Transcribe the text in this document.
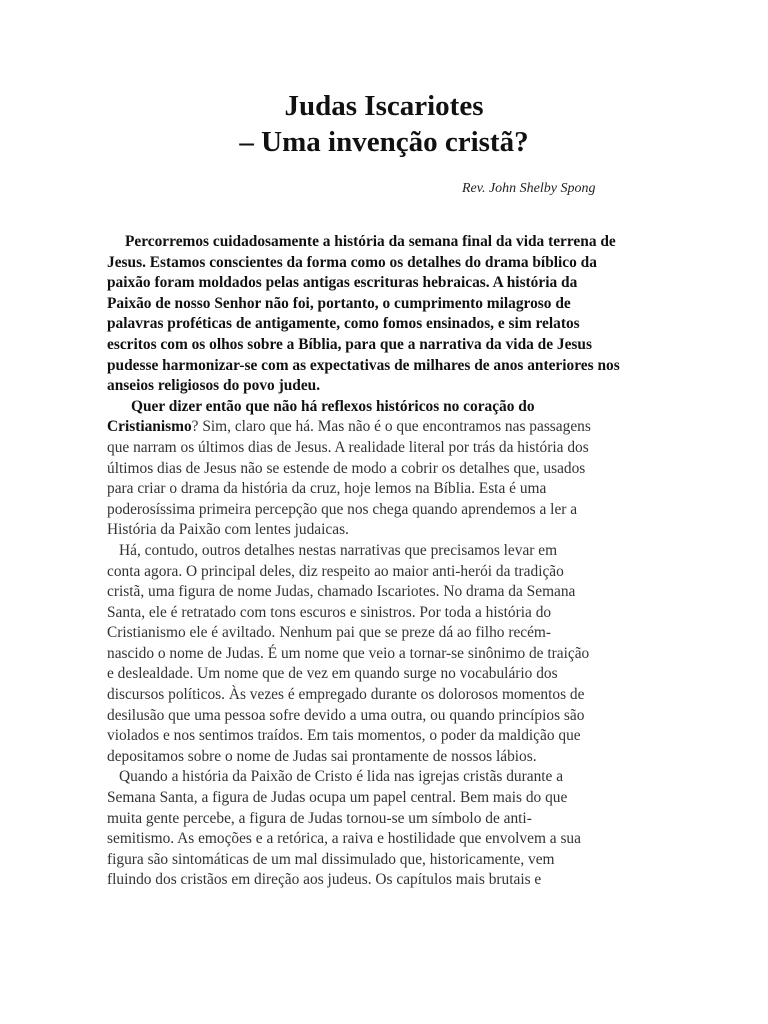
Judas Iscariotes
– Uma invenção cristã?

Rev. John Shelby Spong

Percorremos cuidadosamente a história da semana final da vida terrena de
Jesus. Estamos conscientes da forma como os detalhes do drama bíblico da
paixão foram moldados pelas antigas escrituras hebraicas. A história da
Paixão de nosso Senhor não foi, portanto, o cumprimento milagroso de
palavras proféticas de antigamente, como fomos ensinados, e sim relatos
escritos com os olhos sobre a Bíblia, para que a narrativa da vida de Jesus
pudesse harmonizar-se com as expectativas de milhares de anos anteriores nos
anseios religiosos do povo judeu.
Quer dizer então que não há reflexos históricos no coração do
Cristianismo? Sim, claro que há. Mas não é o que encontramos nas passagens
que narram os últimos dias de Jesus. A realidade literal por trás da história dos
últimos dias de Jesus não se estende de modo a cobrir os detalhes que, usados
para criar o drama da história da cruz, hoje lemos na Bíblia. Esta é uma
poderosíssima primeira percepção que nos chega quando aprendemos a ler a
História da Paixão com lentes judaicas.
Há, contudo, outros detalhes nestas narrativas que precisamos levar em
conta agora. O principal deles, diz respeito ao maior anti-herói da tradição
cristã, uma figura de nome Judas, chamado Iscariotes. No drama da Semana
Santa, ele é retratado com tons escuros e sinistros. Por toda a história do
Cristianismo ele é aviltado. Nenhum pai que se preze dá ao filho recém-
nascido o nome de Judas. É um nome que veio a tornar-se sinônimo de traição
e deslealdade. Um nome que de vez em quando surge no vocabulário dos
discursos políticos. Às vezes é empregado durante os dolorosos momentos de
desilusão que uma pessoa sofre devido a uma outra, ou quando princípios são
violados e nos sentimos traídos. Em tais momentos, o poder da maldição que
depositamos sobre o nome de Judas sai prontamente de nossos lábios.
Quando a história da Paixão de Cristo é lida nas igrejas cristãs durante a
Semana Santa, a figura de Judas ocupa um papel central. Bem mais do que
muita gente percebe, a figura de Judas tornou-se um símbolo de anti-
semitismo. As emoções e a retórica, a raiva e hostilidade que envolvem a sua
figura são sintomáticas de um mal dissimulado que, historicamente, vem
fluindo dos cristãos em direção aos judeus. Os capítulos mais brutais e
